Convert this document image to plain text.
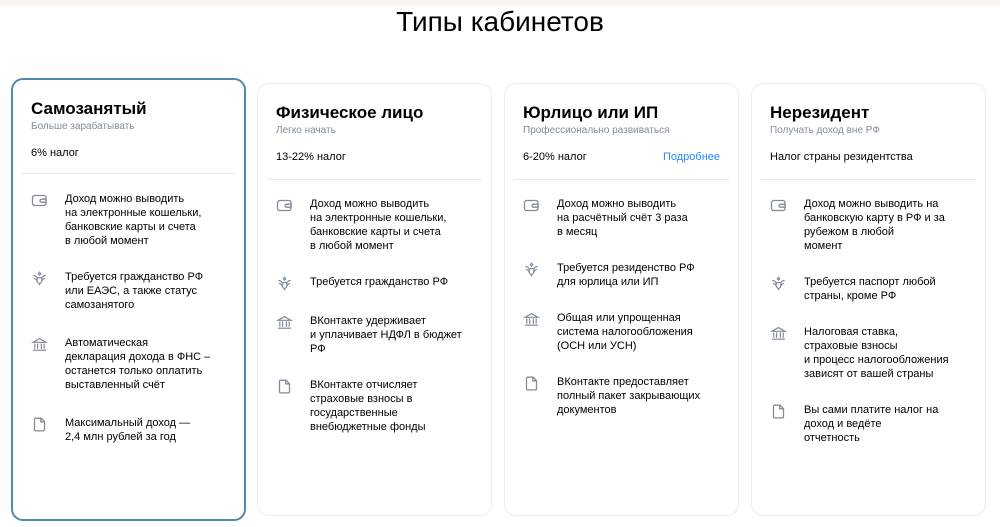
Типы кабинетов
Самозанятый
Больше зарабатывать
6% налог
Доход можно выводить
на электронные кошельки,
банковские карты и счета
в любой момент
Требуется гражданство РФ
или ЕАЭС, а также статус
самозанятого
Автоматическая
декларация дохода в ФНС –
останется только оплатить
выставленный счёт
Максимальный доход —
2,4 млн рублей за год
Физическое лицо
Легко начать
13-22% налог
Доход можно выводить
на электронные кошельки,
банковские карты и счета
в любой момент
Требуется гражданство РФ
ВКонтакте удерживает
и уплачивает НДФЛ в бюджет
РФ
ВКонтакте отчисляет
страховые взносы в
государственные
внебюджетные фонды
Юрлицо или ИП
Профессионально развиваться
6-20% налог	Подробнее
Доход можно выводить
на расчётный счёт 3 раза
в месяц
Требуется резиденство РФ
для юрлица или ИП
Общая или упрощенная
система налогообложения
(ОСН или УСН)
ВКонтакте предоставляет
полный пакет закрывающих
документов
Нерезидент
Получать доход вне РФ
Налог страны резидентства
Доход можно выводить на
банковскую карту в РФ и за
рубежом в любой
момент
Требуется паспорт любой
страны, кроме РФ
Налоговая ставка,
страховые взносы
и процесс налогообложения
зависят от вашей страны
Вы сами платите налог на
доход и ведёте
отчетность
